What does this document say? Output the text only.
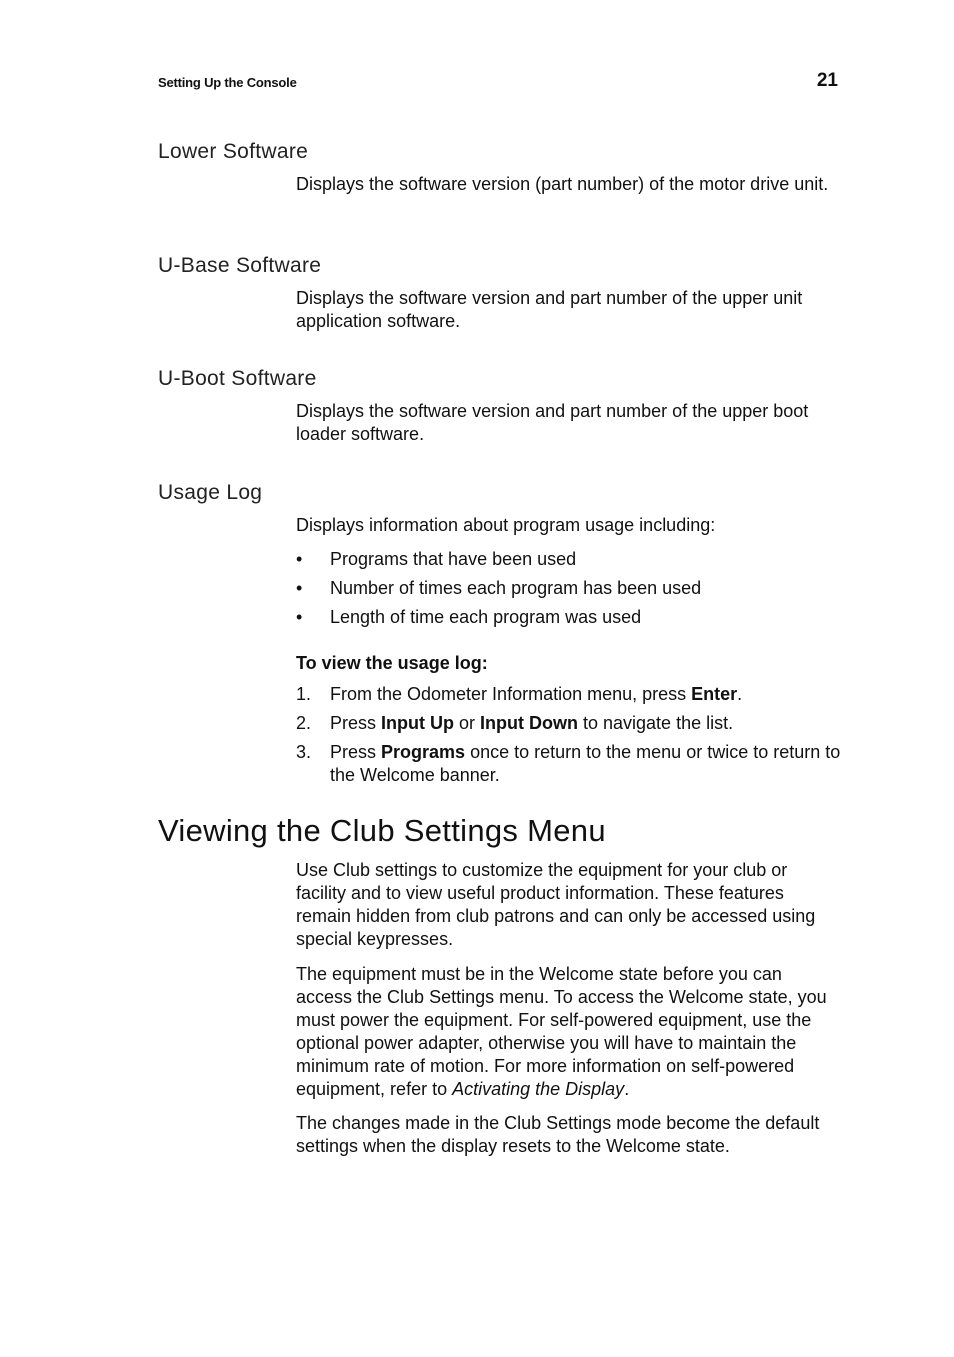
Setting Up the Console	21
Lower Software
Displays the software version (part number) of the motor drive unit.
U-Base Software
Displays the software version and part number of the upper unit application software.
U-Boot Software
Displays the software version and part number of the upper boot loader software.
Usage Log
Displays information about program usage including:
• Programs that have been used
• Number of times each program has been used
• Length of time each program was used
To view the usage log:
1. From the Odometer Information menu, press Enter.
2. Press Input Up or Input Down to navigate the list.
3. Press Programs once to return to the menu or twice to return to the Welcome banner.
Viewing the Club Settings Menu
Use Club settings to customize the equipment for your club or facility and to view useful product information. These features remain hidden from club patrons and can only be accessed using special keypresses.
The equipment must be in the Welcome state before you can access the Club Settings menu. To access the Welcome state, you must power the equipment. For self-powered equipment, use the optional power adapter, otherwise you will have to maintain the minimum rate of motion. For more information on self-powered equipment, refer to Activating the Display.
The changes made in the Club Settings mode become the default settings when the display resets to the Welcome state.
